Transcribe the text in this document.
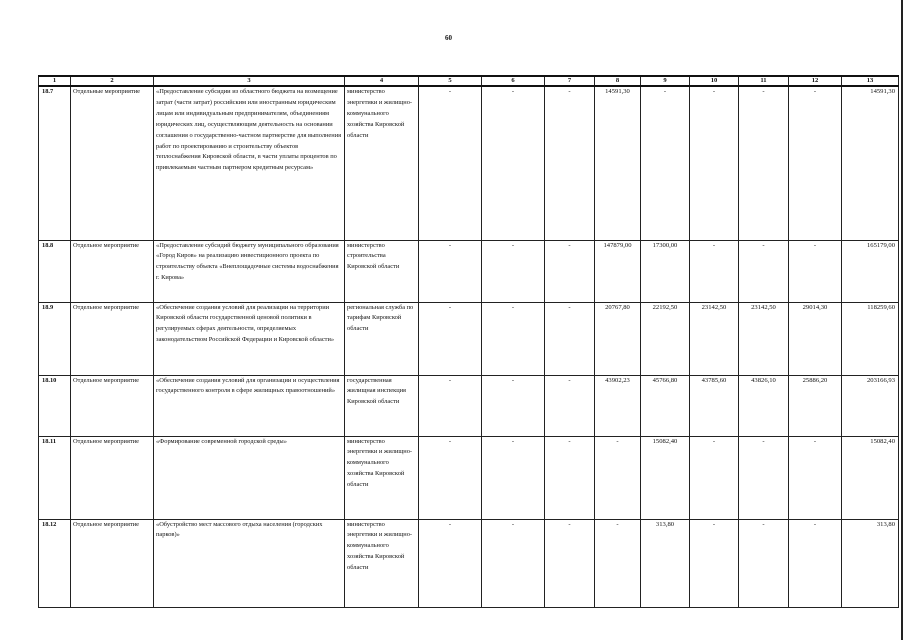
60
1	2	3	4	5	6	7	8	9	10	11	12	13
18.7	Отдельные мероприятие	«Предоставление субсидии из областного бюджета на возмещение затрат (части затрат) российским или иностранным юридическим лицам или индивидуальным предпринимателям, объединениям юридических лиц, осуществляющим деятельность на основании соглашения о государственно-частном партнерстве для выполнения работ по проектированию и строительству объектов теплоснабжения Кировской области, в части уплаты процентов по привлекаемым частным партнером кредитным ресурсам»	министерство энергетики и жилищно-коммунального хозяйства Кировской области	-	-	-	14591,30	-	-	-	-	14591,30
18.8	Отдельное мероприятие	«Предоставление субсидий бюджету муниципального образования «Город Киров» на реализацию инвестиционного проекта по строительству объекта «Внеплощадочные системы водоснабжения г. Кирова»	министерство строительства Кировской области	-	-	-	147879,00	17300,00	-	-	-	165179,00
18.9	Отдельное мероприятие	«Обеспечение создания условий для реализации на территории Кировской области государственной ценовой политики в регулируемых сферах деятельности, определяемых законодательством Российской Федерации и Кировской области»	региональная служба по тарифам Кировской области	-	-	-	20767,80	22192,50	23142,50	23142,50	29014,30	118259,60
18.10	Отдельное мероприятие	«Обеспечение создания условий для организации и осуществления государственного контроля в сфере жилищных правоотношений»	государственная жилищная инспекция Кировской области	-	-	-	43902,23	45766,80	43785,60	43826,10	25886,20	203166,93
18.11	Отдельное мероприятие	«Формирование современной городской среды»	министерство энергетики и жилищно-коммунального хозяйства Кировской области	-	-	-	-	15082,40	-	-	-	15082,40
18.12	Отдельное мероприятие	«Обустройство мест массового отдыха населения (городских парков)»	министерство энергетики и жилищно-коммунального хозяйства Кировской области	-	-	-	-	313,80	-	-	-	313,80
